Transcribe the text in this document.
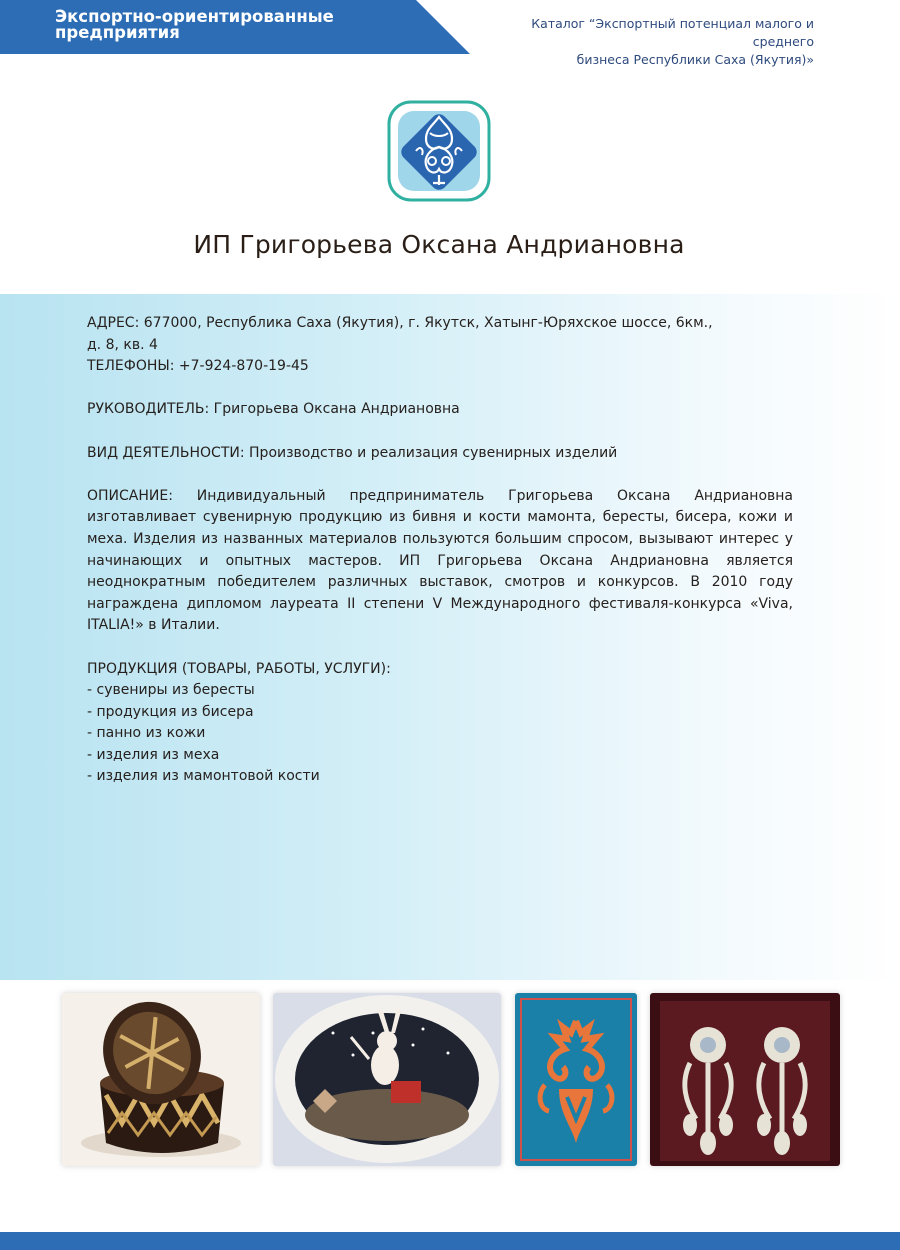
Экспортно-ориентированные
предприятия	Каталог “Экспортный потенциал малого и среднего
бизнеса Республики Саха (Якутия)»
ИП Григорьева Оксана Андриановна

АДРЕС: 677000, Республика Саха (Якутия), г. Якутск, Хатынг-Юряхское шоссе, 6км.,

д. 8, кв. 4

ТЕЛЕФОНЫ: +7-924-870-19-45

РУКОВОДИТЕЛЬ: Григорьева Оксана Андриановна

ВИД ДЕЯТЕЛЬНОСТИ: Производство и реализация сувенирных изделий

ОПИСАНИЕ: Индивидуальный предприниматель Григорьева Оксана Андриановна изготавливает сувенирную продукцию из бивня и кости мамонта, бересты, бисера, кожи и меха. Изделия из названных материалов пользуются большим спросом, вызывают интерес у начинающих и опытных мастеров. ИП Григорьева Оксана Андриановна является неоднократным победителем различных выставок, смотров и конкурсов. В 2010 году награждена дипломом лауреата II степени V Международного фестиваля-конкурса «Viva, ITALIA!» в Италии.

ПРОДУКЦИЯ (ТОВАРЫ, РАБОТЫ, УСЛУГИ):

- сувениры из бересты
- продукция из бисера
- панно из кожи
- изделия из меха
- изделия из мамонтовой кости
